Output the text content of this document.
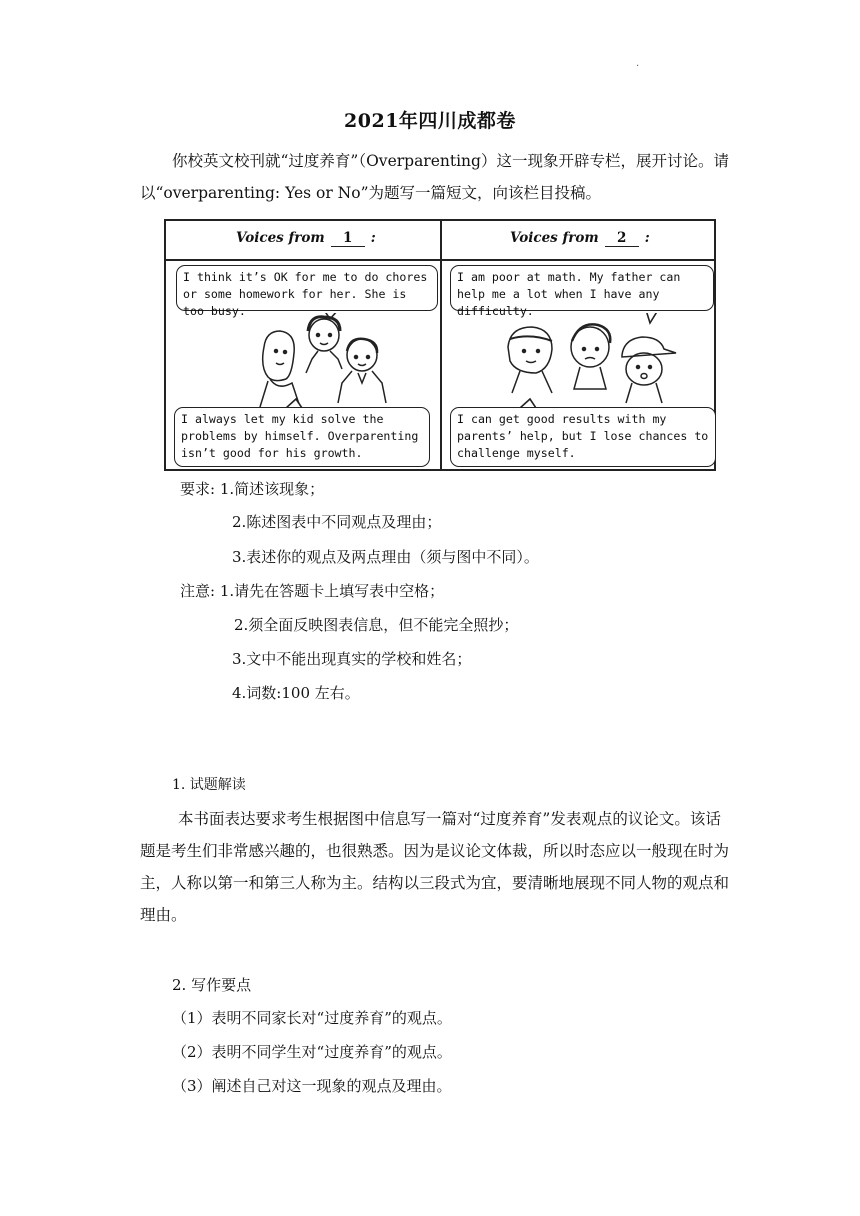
.
2021年四川成都卷
你校英文校刊就“过度养育”（Overparenting）这一现象开辟专栏，展开讨论。请 以“overparenting: Yes or No”为题写一篇短文，向该栏目投稿。
Voices from 1 :	Voices from 2 :
I think it’s OK for me to do chores or some homework for her. She is too busy.
I always let my kid solve the problems by himself. Overparenting isn’t good for his growth.
I am poor at math. My father can help me a lot when I have any difficulty.
I can get good results with my parents’ help, but I lose chances to challenge myself.
要求: 1.简述该现象；
2.陈述图表中不同观点及理由；
3.表述你的观点及两点理由（须与图中不同）。
注意: 1.请先在答题卡上填写表中空格；
2.须全面反映图表信息，但不能完全照抄；
3.文中不能出现真实的学校和姓名；
4.词数:100 左右。
1. 试题解读
本书面表达要求考生根据图中信息写一篇对“过度养育”发表观点的议论文。该话题是考生们非常感兴趣的，也很熟悉。因为是议论文体裁，所以时态应以一般现在时为主，人称以第一和第三人称为主。结构以三段式为宜，要清晰地展现不同人物的观点和理由。
2. 写作要点
（1）表明不同家长对“过度养育”的观点。
（2）表明不同学生对“过度养育”的观点。
（3）阐述自己对这一现象的观点及理由。
